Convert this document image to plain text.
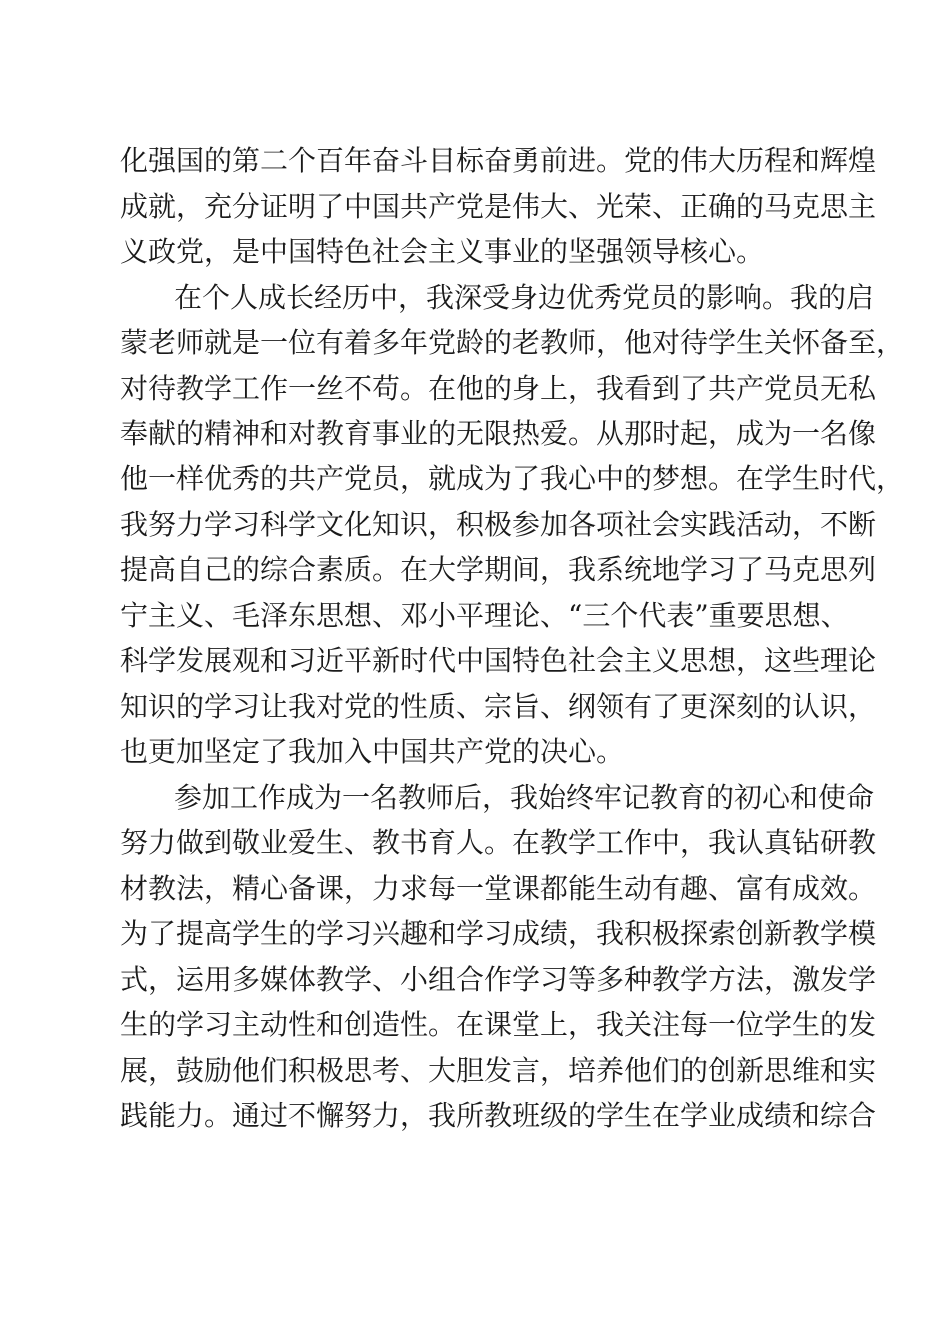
化强国的第二个百年奋斗目标奋勇前进。党的伟大历程和辉煌
成就，充分证明了中国共产党是伟大、光荣、正确的马克思主
义政党，是中国特色社会主义事业的坚强领导核心。
在个人成长经历中，我深受身边优秀党员的影响。我的启
蒙老师就是一位有着多年党龄的老教师，他对待学生关怀备至，
对待教学工作一丝不苟。在他的身上，我看到了共产党员无私
奉献的精神和对教育事业的无限热爱。从那时起，成为一名像
他一样优秀的共产党员，就成为了我心中的梦想。在学生时代，
我努力学习科学文化知识，积极参加各项社会实践活动，不断
提高自己的综合素质。在大学期间，我系统地学习了马克思列
宁主义、毛泽东思想、邓小平理论、“三个代表”重要思想、
科学发展观和习近平新时代中国特色社会主义思想，这些理论
知识的学习让我对党的性质、宗旨、纲领有了更深刻的认识，
也更加坚定了我加入中国共产党的决心。
参加工作成为一名教师后，我始终牢记教育的初心和使命
努力做到敬业爱生、教书育人。在教学工作中，我认真钻研教
材教法，精心备课，力求每一堂课都能生动有趣、富有成效。
为了提高学生的学习兴趣和学习成绩，我积极探索创新教学模
式，运用多媒体教学、小组合作学习等多种教学方法，激发学
生的学习主动性和创造性。在课堂上，我关注每一位学生的发
展，鼓励他们积极思考、大胆发言，培养他们的创新思维和实
践能力。通过不懈努力，我所教班级的学生在学业成绩和综合
